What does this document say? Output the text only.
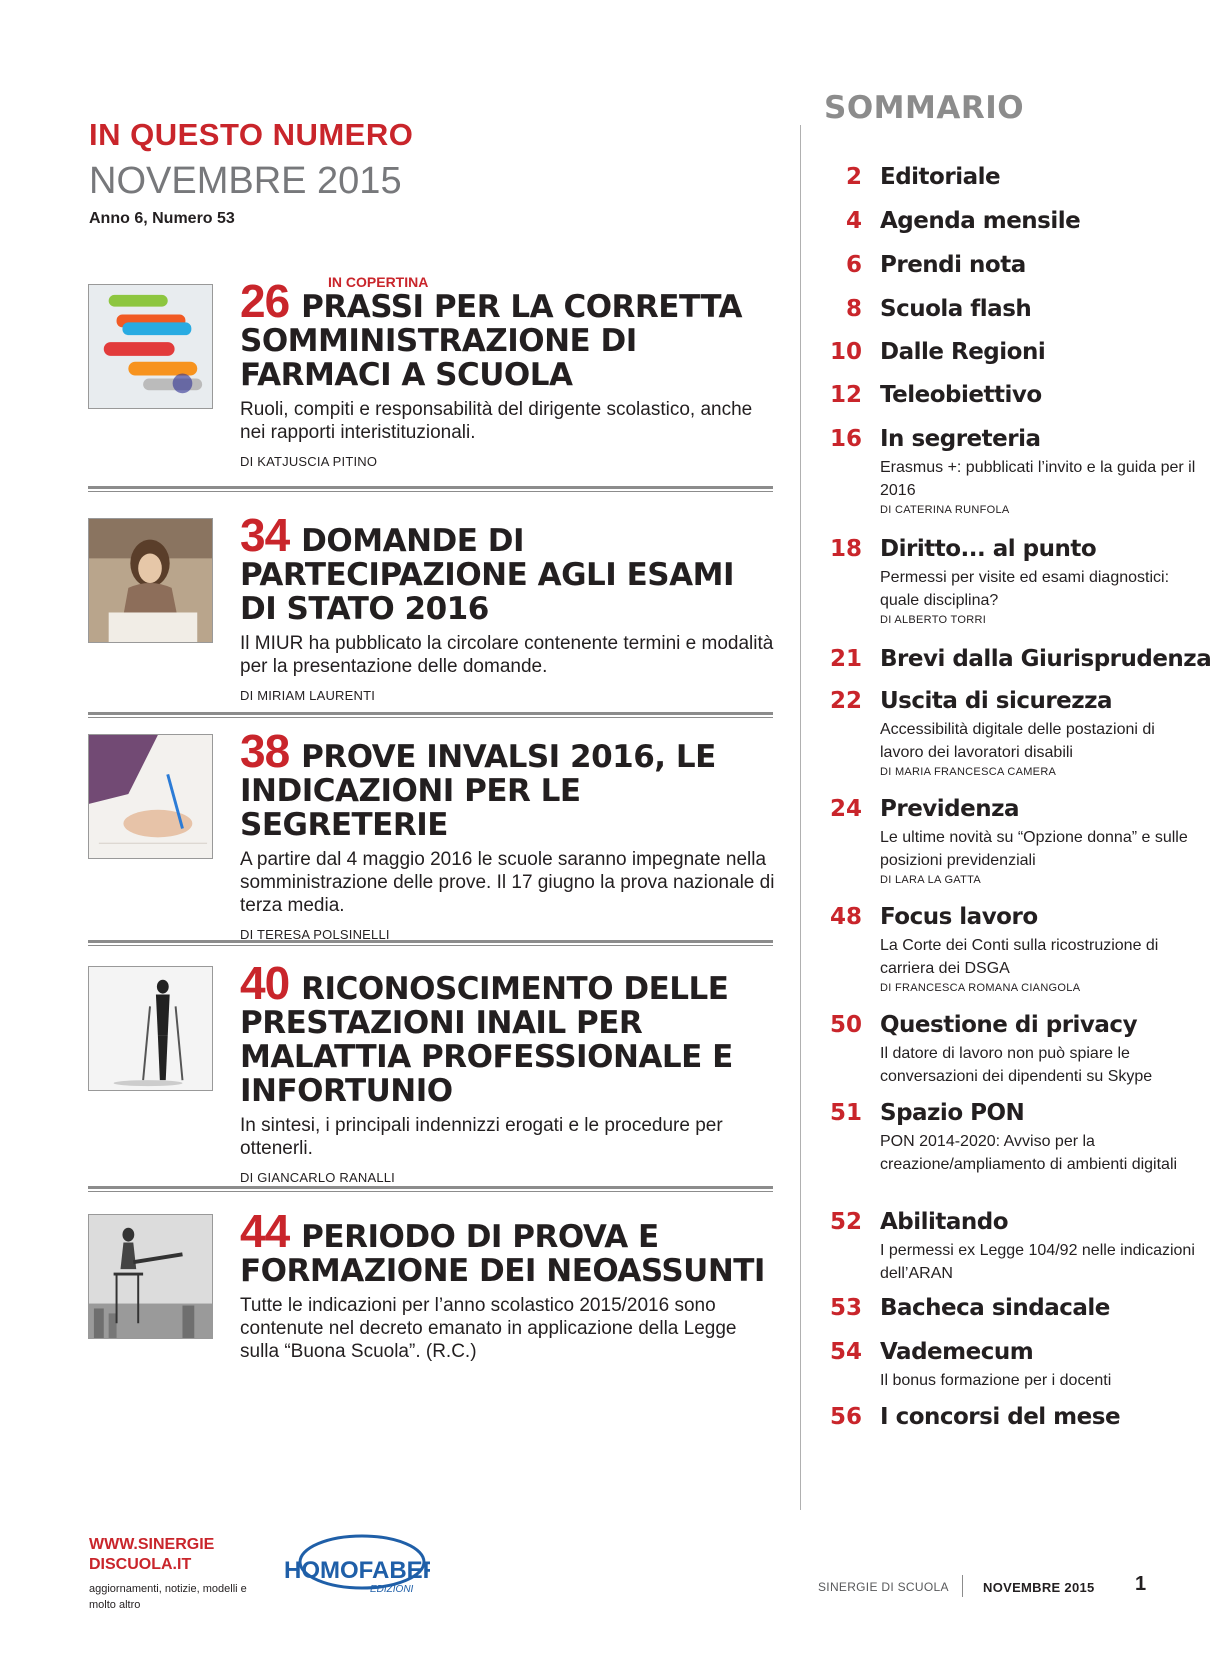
IN QUESTO NUMERO
NOVEMBRE 2015
Anno 6, Numero 53
IN COPERTINA
26 PRASSI PER LA CORRETTA SOMMINISTRAZIONE DI FARMACI A SCUOLA
Ruoli, compiti e responsabilità del dirigente scolastico, anche nei rapporti interistituzionali.
DI KATJUSCIA PITINO
34 DOMANDE DI PARTECIPAZIONE AGLI ESAMI DI STATO 2016
Il MIUR ha pubblicato la circolare contenente termini e modalità per la presentazione delle domande.
DI MIRIAM LAURENTI
38 PROVE INVALSI 2016, LE INDICAZIONI PER LE SEGRETERIE
A partire dal 4 maggio 2016 le scuole saranno impegnate nella somministrazione delle prove. Il 17 giugno la prova nazionale di terza media.
DI TERESA POLSINELLI
40 RICONOSCIMENTO DELLE PRESTAZIONI INAIL PER MALATTIA PROFESSIONALE E INFORTUNIO
In sintesi, i principali indennizzi erogati e le procedure per ottenerli.
DI GIANCARLO RANALLI
44 PERIODO DI PROVA E FORMAZIONE DEI NEOASSUNTI
Tutte le indicazioni per l’anno scolastico 2015/2016 sono contenute nel decreto emanato in applicazione della Legge sulla “Buona Scuola”. (R.C.)
SOMMARIO
2 Editoriale
4 Agenda mensile
6 Prendi nota
8 Scuola flash
10 Dalle Regioni
12 Teleobiettivo
16 In segreteria
Erasmus +: pubblicati l’invito e la guida per il 2016
DI CATERINA RUNFOLA
18 Diritto... al punto
Permessi per visite ed esami diagnostici: quale disciplina?
DI ALBERTO TORRI
21 Brevi dalla Giurisprudenza
22 Uscita di sicurezza
Accessibilità digitale delle postazioni di lavoro dei lavoratori disabili
DI MARIA FRANCESCA CAMERA
24 Previdenza
Le ultime novità su “Opzione donna” e sulle posizioni previdenziali
DI LARA LA GATTA
48 Focus lavoro
La Corte dei Conti sulla ricostruzione di carriera dei DSGA
DI FRANCESCA ROMANA CIANGOLA
50 Questione di privacy
Il datore di lavoro non può spiare le conversazioni dei dipendenti su Skype
51 Spazio PON
PON 2014-2020: Avviso per la creazione/ampliamento di ambienti digitali
52 Abilitando
I permessi ex Legge 104/92 nelle indicazioni dell’ARAN
53 Bacheca sindacale
54 Vademecum
Il bonus formazione per i docenti
56 I concorsi del mese
WWW.SINERGIE
DISCUOLA.IT
aggiornamenti, notizie, modelli e molto altro
HOMOFABER
EDIZIONI	SINERGIE DI SCUOLA	NOVEMBRE 2015 1
